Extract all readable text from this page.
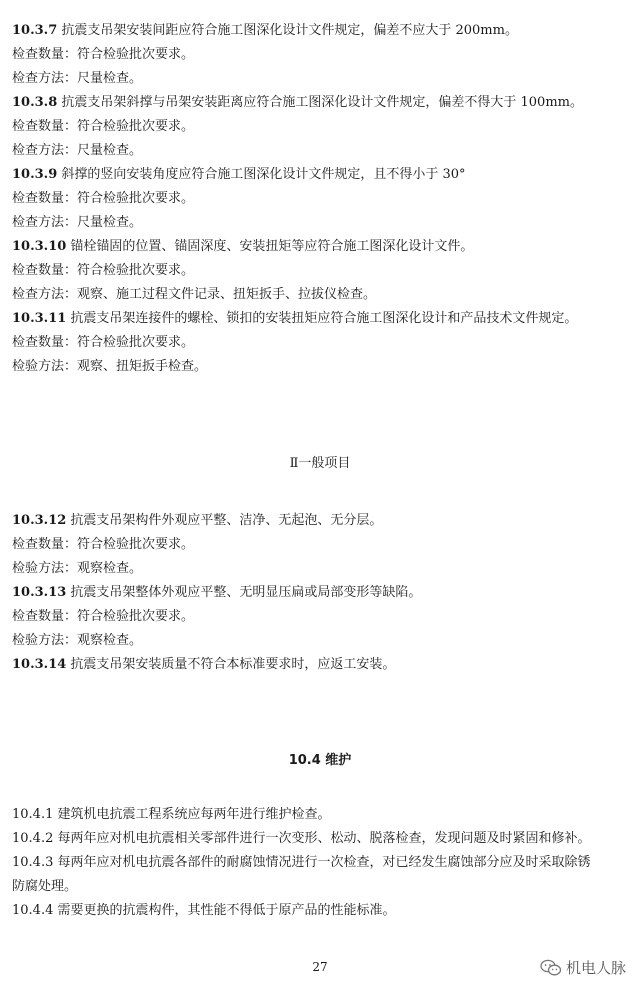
10.3.7 抗震支吊架安装间距应符合施工图深化设计文件规定，偏差不应大于 200mm。
检查数量：符合检验批次要求。
检查方法：尺量检查。
10.3.8 抗震支吊架斜撑与吊架安装距离应符合施工图深化设计文件规定，偏差不得大于 100mm。
检查数量：符合检验批次要求。
检查方法：尺量检查。
10.3.9 斜撑的竖向安装角度应符合施工图深化设计文件规定，且不得小于 30°
检查数量：符合检验批次要求。
检查方法：尺量检查。
10.3.10 锚栓锚固的位置、锚固深度、安装扭矩等应符合施工图深化设计文件。
检查数量：符合检验批次要求。
检查方法：观察、施工过程文件记录、扭矩扳手、拉拔仪检查。
10.3.11 抗震支吊架连接件的螺栓、锁扣的安装扭矩应符合施工图深化设计和产品技术文件规定。
检查数量：符合检验批次要求。
检验方法：观察、扭矩扳手检查。
Ⅱ一般项目
10.3.12 抗震支吊架构件外观应平整、洁净、无起泡、无分层。
检查数量：符合检验批次要求。
检验方法：观察检查。
10.3.13 抗震支吊架整体外观应平整、无明显压扁或局部变形等缺陷。
检查数量：符合检验批次要求。
检验方法：观察检查。
10.3.14 抗震支吊架安装质量不符合本标准要求时，应返工安装。
10.4 维护
10.4.1 建筑机电抗震工程系统应每两年进行维护检查。
10.4.2 每两年应对机电抗震相关零部件进行一次变形、松动、脱落检查，发现问题及时紧固和修补。
10.4.3 每两年应对机电抗震各部件的耐腐蚀情况进行一次检查，对已经发生腐蚀部分应及时采取除锈
防腐处理。
10.4.4 需要更换的抗震构件，其性能不得低于原产品的性能标准。
27	机电人脉
